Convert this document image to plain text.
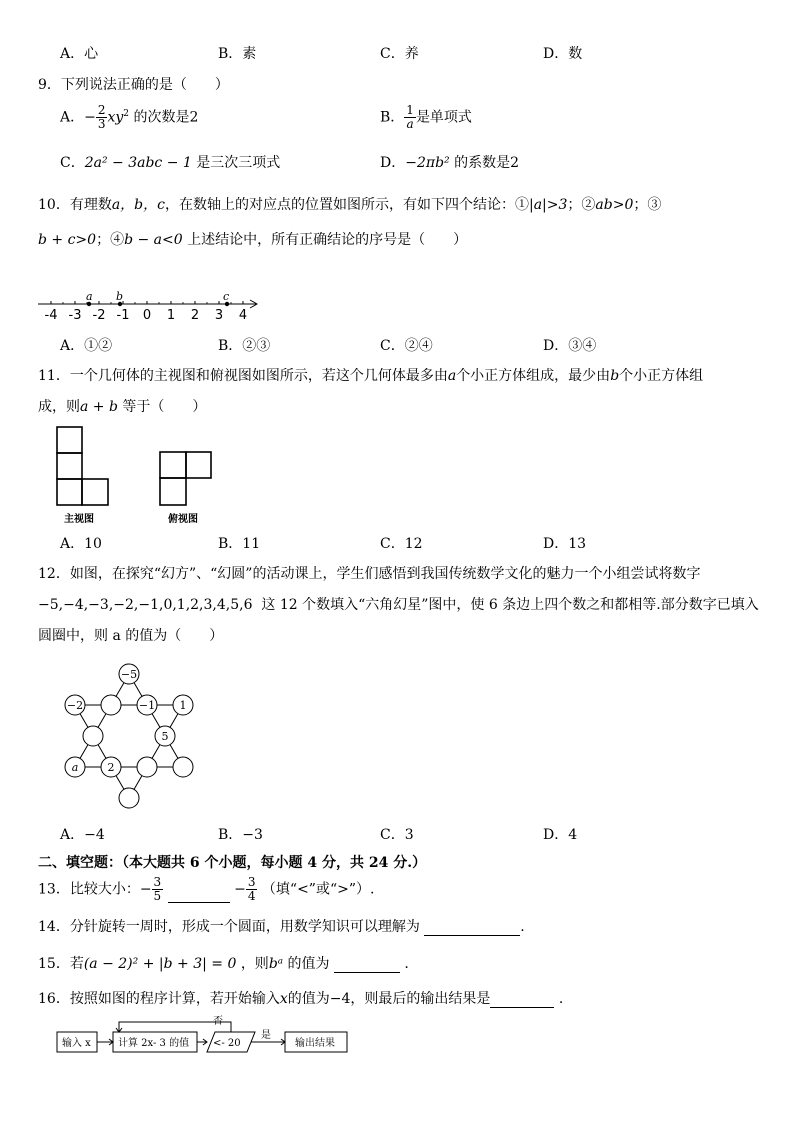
A．心	B．素	C．养	D．数
9．下列说法正确的是（　　）
A．− $\frac{2}{3} xy^2$ 的次数是2	B． $\frac{1}{a}$ 是单项式
C．2a² − 3abc − 1 是三次三项式	D．−2πb² 的系数是2
10．有理数a，b，c，在数轴上的对应点的位置如图所示，有如下四个结论：①|a|>3；②ab>0；③
b + c>0；④b − a<0 上述结论中，所有正确结论的序号是（　　）
-4 -3 -2 -1 0 1 2 3 4
a b	c
A．①②	B．②③	C．②④	D．③④
11．一个几何体的主视图和俯视图如图所示，若这个几何体最多由a个小正方体组成，最少由b个小正方体组
成，则a + b 等于（　　）
主视图	俯视图
A．10	B．11	C．12	D．13
12．如图，在探究“幻方”、“幻圆”的活动课上，学生们感悟到我国传统数学文化的魅力一个小组尝试将数字
−5,−4,−3,−2,−1,0,1,2,3,4,5,6 这 12 个数填入“六角幻星”图中，使 6 条边上四个数之和都相等.部分数字已填入
圆圈中，则 a 的值为（　　）
−5
−2	−1 1
5
a	2
A．−4	B．−3	C．3	D．4
二、填空题：（本大题共 6 个小题，每小题 4 分，共 24 分.）
13．比较大小：− $\frac{3}{5}$	− $\frac{3}{4}$ （填“<”或“>”）.
14．分针旋转一周时，形成一个圆面，用数学知识可以理解为	.
15．若(a − 2)² + |b + 3| = 0 ，则bᵃ 的值为	.
16．按照如图的程序计算，若开始输入x的值为−4，则最后的输出结果是	.
输入 x	计算 2x- 3 的值 <- 20
否
是
输出结果
